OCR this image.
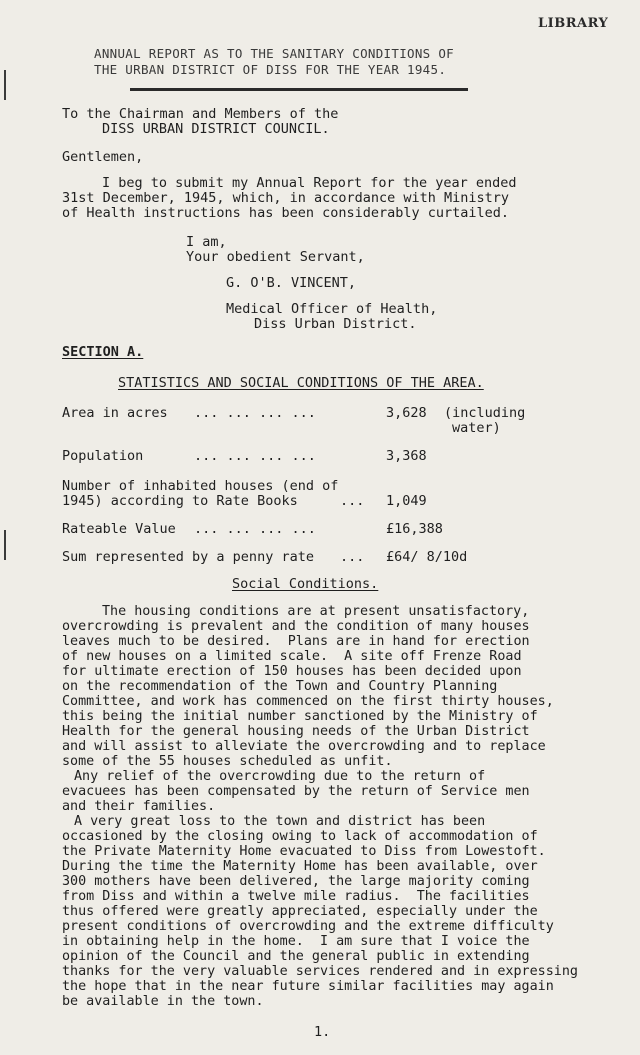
LIBRARY
ANNUAL REPORT AS TO THE SANITARY CONDITIONS OF
THE URBAN DISTRICT OF DISS FOR THE YEAR 1945.
To the Chairman and Members of the
DISS URBAN DISTRICT COUNCIL.
Gentlemen,
I beg to submit my Annual Report for the year ended
31st December, 1945, which, in accordance with Ministry
of Health instructions has been considerably curtailed.
I am,
Your obedient Servant,
G. O'B. VINCENT,
Medical Officer of Health,
Diss Urban District.
SECTION A.
STATISTICS AND SOCIAL CONDITIONS OF THE AREA.
Area in acres ... ... ... ...	3,628 (including
water)
Population	... ... ... ...	3,368
Number of inhabited houses (end of
1945) according to Rate Books	... 1,049
Rateable Value ... ... ... ...	£16,388
Sum represented by a penny rate ... £64/ 8/10d
Social Conditions.
The housing conditions are at present unsatisfactory,
overcrowding is prevalent and the condition of many houses
leaves much to be desired.  Plans are in hand for erection
of new houses on a limited scale.  A site off Frenze Road
for ultimate erection of 150 houses has been decided upon
on the recommendation of the Town and Country Planning
Committee, and work has commenced on the first thirty houses,
this being the initial number sanctioned by the Ministry of
Health for the general housing needs of the Urban District
and will assist to alleviate the overcrowding and to replace
some of the 55 houses scheduled as unfit.
Any relief of the overcrowding due to the return of
evacuees has been compensated by the return of Service men
and their families.
A very great loss to the town and district has been
occasioned by the closing owing to lack of accommodation of
the Private Maternity Home evacuated to Diss from Lowestoft.
During the time the Maternity Home has been available, over
300 mothers have been delivered, the large majority coming
from Diss and within a twelve mile radius.  The facilities
thus offered were greatly appreciated, especially under the
present conditions of overcrowding and the extreme difficulty
in obtaining help in the home.  I am sure that I voice the
opinion of the Council and the general public in extending
thanks for the very valuable services rendered and in expressing
the hope that in the near future similar facilities may again
be available in the town.
1.
